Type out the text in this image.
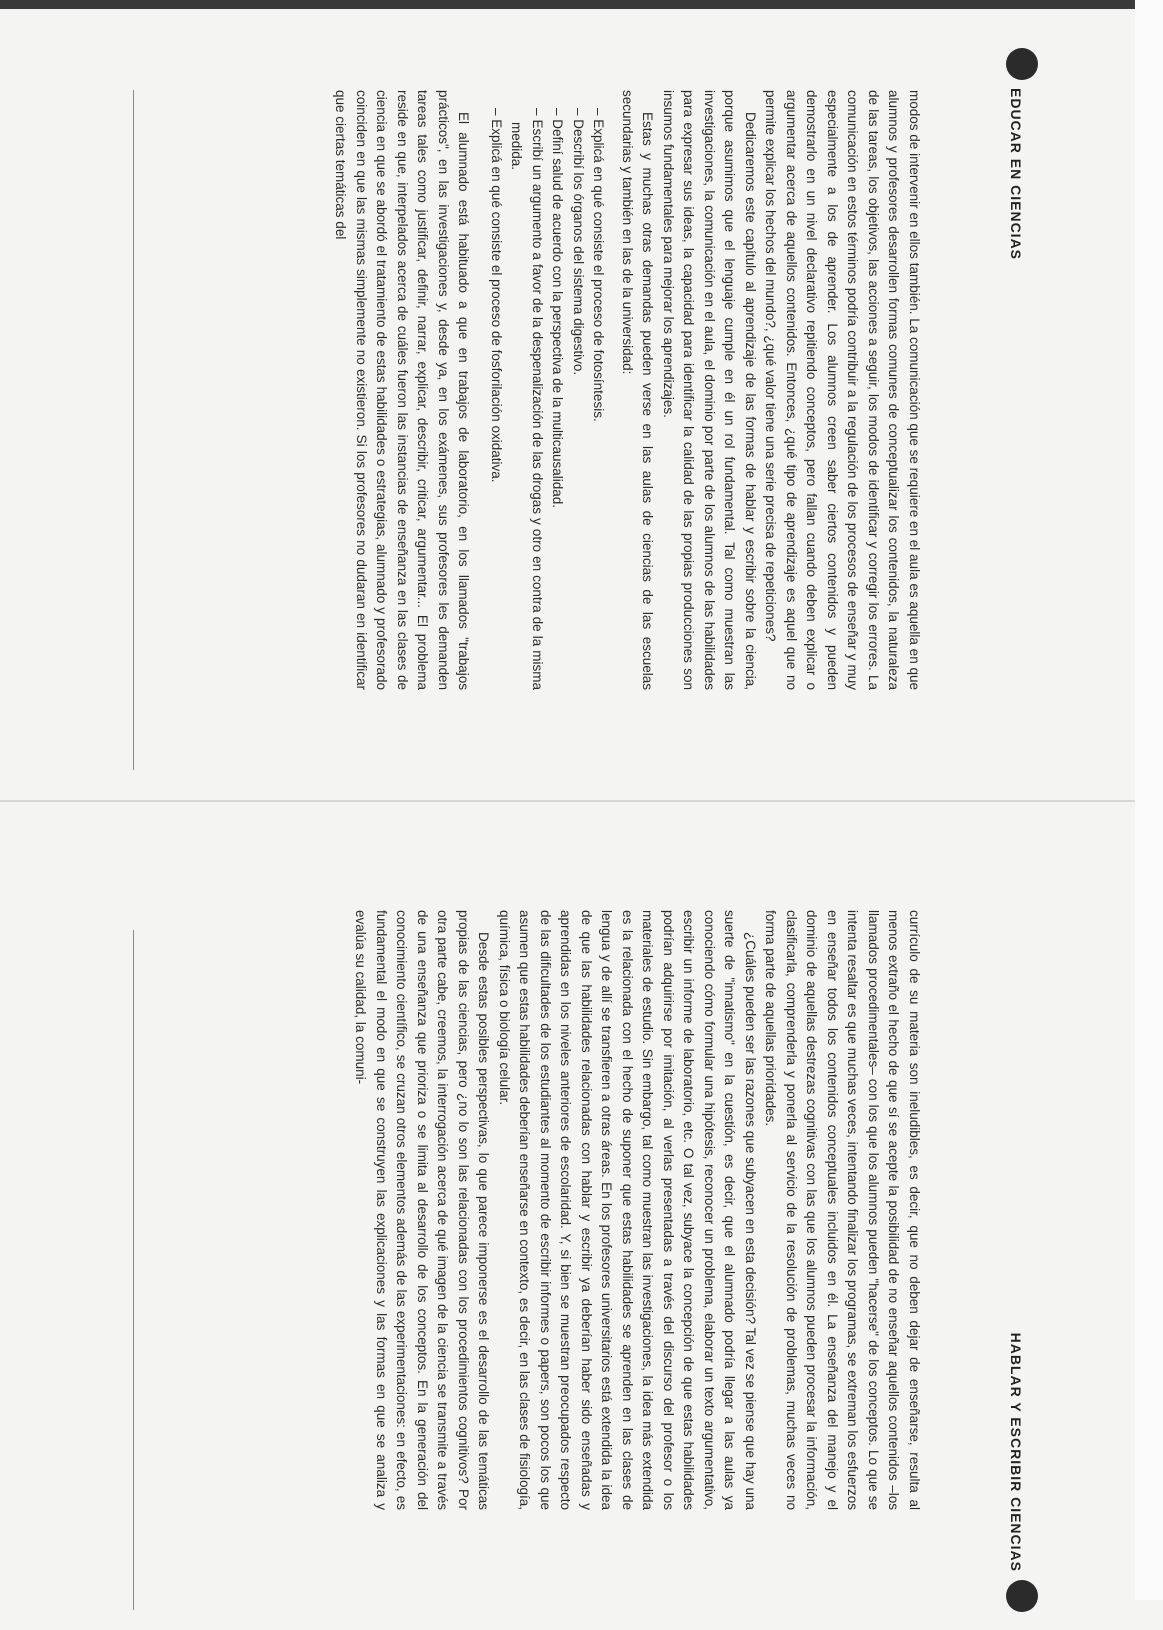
EDUCAR EN CIENCIAS

modos de intervenir en ellos también. La comunicación que se requiere en el aula es aquella en que alumnos y profesores desarrollen formas comunes de conceptualizar los contenidos, la naturaleza de las tareas, los objetivos, las acciones a seguir, los modos de identificar y corregir los errores. La comunicación en estos términos podría contribuir a la regulación de los procesos de enseñar y muy especialmente a los de aprender. Los alumnos creen saber ciertos contenidos y pueden demostrarlo en un nivel declarativo repitiendo conceptos, pero fallan cuando deben explicar o argumentar acerca de aquellos contenidos. Entonces, ¿qué tipo de aprendizaje es aquel que no permite explicar los hechos del mundo?, ¿qué valor tiene una serie precisa de repeticiones?

Dedicaremos este capítulo al aprendizaje de las formas de hablar y escribir sobre la ciencia, porque asumimos que el lenguaje cumple en él un rol fundamental. Tal como muestran las investigaciones, la comunicación en el aula, el dominio por parte de los alumnos de las habilidades para expresar sus ideas, la capacidad para identificar la calidad de las propias producciones son insumos fundamentales para mejorar los aprendizajes.

Estas y muchas otras demandas pueden verse en las aulas de ciencias de las escuelas secundarias y también en las de la universidad:

– Explicá en qué consiste el proceso de fotosíntesis.
– Describí los órganos del sistema digestivo.
– Definí salud de acuerdo con la perspectiva de la multicausalidad.
– Escribí un argumento a favor de la despenalización de las drogas y otro en contra de la misma medida.
– Explicá en qué consiste el proceso de fosforilación oxidativa.

El alumnado está habituado a que en trabajos de laboratorio, en los llamados "trabajos prácticos", en las investigaciones y, desde ya, en los exámenes, sus profesores les demanden tareas tales como justificar, definir, narrar, explicar, describir, criticar, argumentar... El problema reside en que, interpelados acerca de cuáles fueron las instancias de enseñanza en las clases de ciencia en que se abordó el tratamiento de estas habilidades o estrategias, alumnado y profesorado coinciden en que las mismas simplemente no existieron. Si los profesores no dudaran en identificar que ciertas temáticas del

HABLAR Y ESCRIBIR CIENCIAS

currículo de su materia son ineludibles, es decir, que no deben dejar de enseñarse, resulta al menos extraño el hecho de que sí se acepte la posibilidad de no enseñar aquellos contenidos –los llamados procedimentales– con los que los alumnos pueden "hacerse" de los conceptos. Lo que se intenta resaltar es que muchas veces, intentando finalizar los programas, se extreman los esfuerzos en enseñar todos los contenidos conceptuales incluidos en él. La enseñanza del manejo y el dominio de aquellas destrezas cognitivas con las que los alumnos pueden procesar la información, clasificarla, comprenderla y ponerla al servicio de la resolución de problemas, muchas veces no forma parte de aquellas prioridades.

¿Cuáles pueden ser las razones que subyacen en esta decisión? Tal vez se piense que hay una suerte de "innatismo" en la cuestión, es decir, que el alumnado podría llegar a las aulas ya conociendo cómo formular una hipótesis, reconocer un problema, elaborar un texto argumentativo, escribir un informe de laboratorio, etc. O tal vez, subyace la concepción de que estas habilidades podrían adquirirse por imitación, al verlas presentadas a través del discurso del profesor o los materiales de estudio. Sin embargo, tal como muestran las investigaciones, la idea más extendida es la relacionada con el hecho de suponer que estas habilidades se aprenden en las clases de lengua y de allí se transfieren a otras áreas. En los profesores universitarios está extendida la idea de que las habilidades relacionadas con hablar y escribir ya deberían haber sido enseñadas y aprendidas en los niveles anteriores de escolaridad. Y, si bien se muestran preocupados respecto de las dificultades de los estudiantes al momento de escribir informes o papers, son pocos los que asumen que estas habilidades deberían enseñarse en contexto, es decir, en las clases de fisiología, química, física o biología celular.

Desde estas posibles perspectivas, lo que parece imponerse es el desarrollo de las temáticas propias de las ciencias, pero ¿no lo son las relacionadas con los procedimientos cognitivos? Por otra parte cabe, creemos, la interrogación acerca de qué imagen de la ciencia se transmite a través de una enseñanza que prioriza o se limita al desarrollo de los conceptos. En la generación del conocimiento científico, se cruzan otros elementos además de las experimentaciones: en efecto, es fundamental el modo en que se construyen las explicaciones y las formas en que se analiza y evalúa su calidad, la comuni-
